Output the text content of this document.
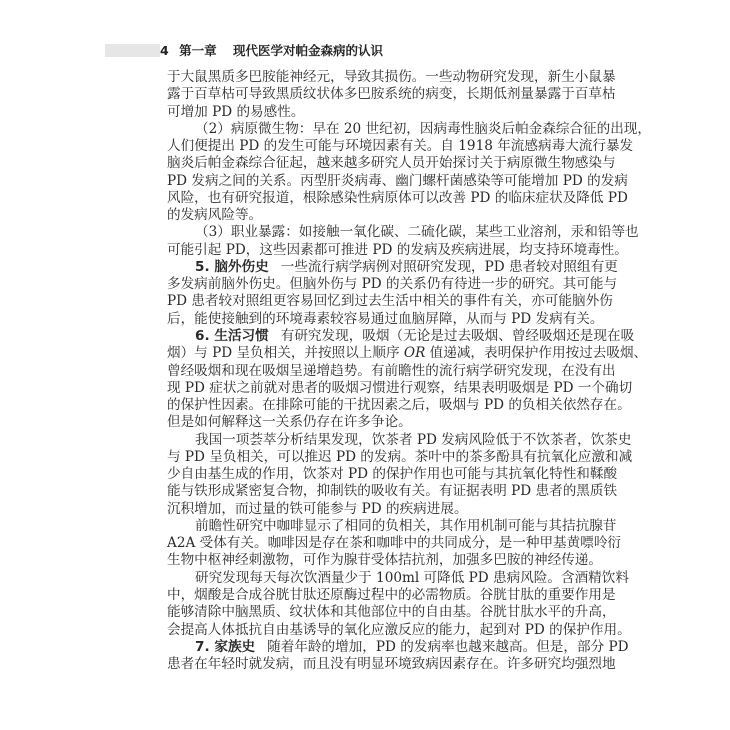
4 第一章 现代医学对帕金森病的认识
于大鼠黑质多巴胺能神经元，导致其损伤。一些动物研究发现，新生小鼠暴
露于百草枯可导致黑质纹状体多巴胺系统的病变，长期低剂量暴露于百草枯
可增加 PD 的易感性。
（2）病原微生物：早在 20 世纪初，因病毒性脑炎后帕金森综合征的出现，
人们便提出 PD 的发生可能与环境因素有关。自 1918 年流感病毒大流行暴发
脑炎后帕金森综合征起，越来越多研究人员开始探讨关于病原微生物感染与
PD 发病之间的关系。丙型肝炎病毒、幽门螺杆菌感染等可能增加 PD 的发病
风险，也有研究报道，根除感染性病原体可以改善 PD 的临床症状及降低 PD
的发病风险等。
（3）职业暴露：如接触一氧化碳、二硫化碳，某些工业溶剂，汞和铅等也
可能引起 PD，这些因素都可推进 PD 的发病及疾病进展，均支持环境毒性。
5. 脑外伤史 一些流行病学病例对照研究发现，PD 患者较对照组有更
多发病前脑外伤史。但脑外伤与 PD 的关系仍有待进一步的研究。其可能与
PD 患者较对照组更容易回忆到过去生活中相关的事件有关，亦可能脑外伤
后，能使接触到的环境毒素较容易通过血脑屏障，从而与 PD 发病有关。
6. 生活习惯 有研究发现，吸烟（无论是过去吸烟、曾经吸烟还是现在吸
烟）与 PD 呈负相关，并按照以上顺序 OR 值递减，表明保护作用按过去吸烟、
曾经吸烟和现在吸烟呈递增趋势。有前瞻性的流行病学研究发现，在没有出
现 PD 症状之前就对患者的吸烟习惯进行观察，结果表明吸烟是 PD 一个确切
的保护性因素。在排除可能的干扰因素之后，吸烟与 PD 的负相关依然存在。
但是如何解释这一关系仍存在许多争论。
我国一项荟萃分析结果发现，饮茶者 PD 发病风险低于不饮茶者，饮茶史
与 PD 呈负相关，可以推迟 PD 的发病。茶叶中的茶多酚具有抗氧化应激和减
少自由基生成的作用，饮茶对 PD 的保护作用也可能与其抗氧化特性和鞣酸
能与铁形成紧密复合物，抑制铁的吸收有关。有证据表明 PD 患者的黑质铁
沉积增加，而过量的铁可能参与 PD 的疾病进展。
前瞻性研究中咖啡显示了相同的负相关，其作用机制可能与其拮抗腺苷
A2A 受体有关。咖啡因是存在茶和咖啡中的共同成分，是一种甲基黄嘌呤衍
生物中枢神经刺激物，可作为腺苷受体拮抗剂，加强多巴胺的神经传递。
研究发现每天每次饮酒量少于 100ml 可降低 PD 患病风险。含酒精饮料
中，烟酸是合成谷胱甘肽还原酶过程中的必需物质。谷胱甘肽的重要作用是
能够清除中脑黑质、纹状体和其他部位中的自由基。谷胱甘肽水平的升高，
会提高人体抵抗自由基诱导的氧化应激反应的能力，起到对 PD 的保护作用。
7. 家族史 随着年龄的增加，PD 的发病率也越来越高。但是，部分 PD
患者在年轻时就发病，而且没有明显环境致病因素存在。许多研究均强烈地
